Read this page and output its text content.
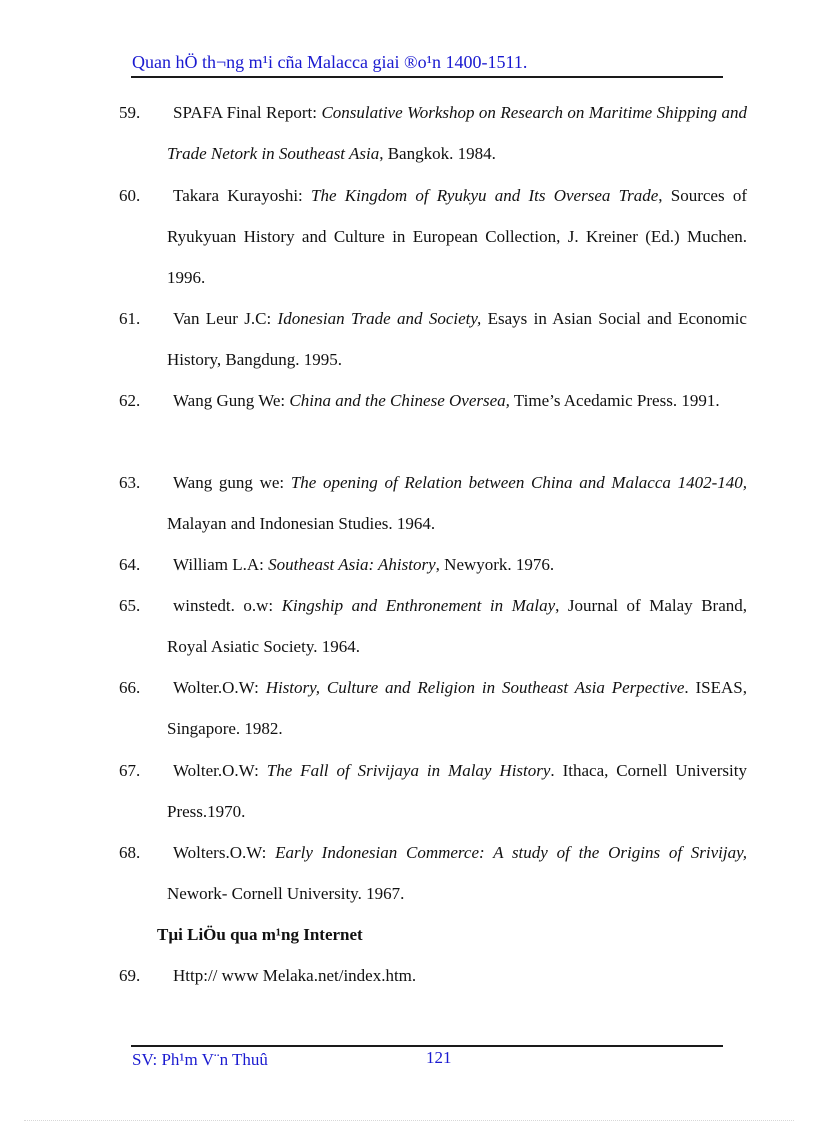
Quan hÖ th¬ng m¹i cña Malacca giai ®o¹n 1400-1511.
59. SPAFA Final Report: Consulative Workshop on Research on Maritime Shipping and Trade Netork in Southeast Asia, Bangkok. 1984.
60. Takara Kurayoshi: The Kingdom of Ryukyu and Its Oversea Trade, Sources of Ryukyuan History and Culture in European Collection, J. Kreiner (Ed.) Muchen. 1996.
61. Van Leur J.C: Idonesian Trade and Society, Esays in Asian Social and Economic History, Bangdung. 1995.
62. Wang Gung We: China and the Chinese Oversea, Time’s Acedamic Press. 1991.
63. Wang gung we: The opening of Relation between China and Malacca 1402-140, Malayan and Indonesian Studies. 1964.
64. William L.A: Southeast Asia: Ahistory, Newyork. 1976.
65. winstedt. o.w: Kingship and Enthronement in Malay, Journal of Malay Brand, Royal Asiatic Society. 1964.
66. Wolter.O.W: History, Culture and Religion in Southeast Asia Perpective. ISEAS, Singapore. 1982.
67. Wolter.O.W: The Fall of Srivijaya in Malay History. Ithaca, Cornell University Press.1970.
68. Wolters.O.W: Early Indonesian Commerce: A study of the Origins of Srivijay, Nework- Cornell University. 1967.
Tµi LiÖu qua m¹ng Internet
69. Http:// www Melaka.net/index.htm.
SV: Ph¹m V¨n Thuû	121
